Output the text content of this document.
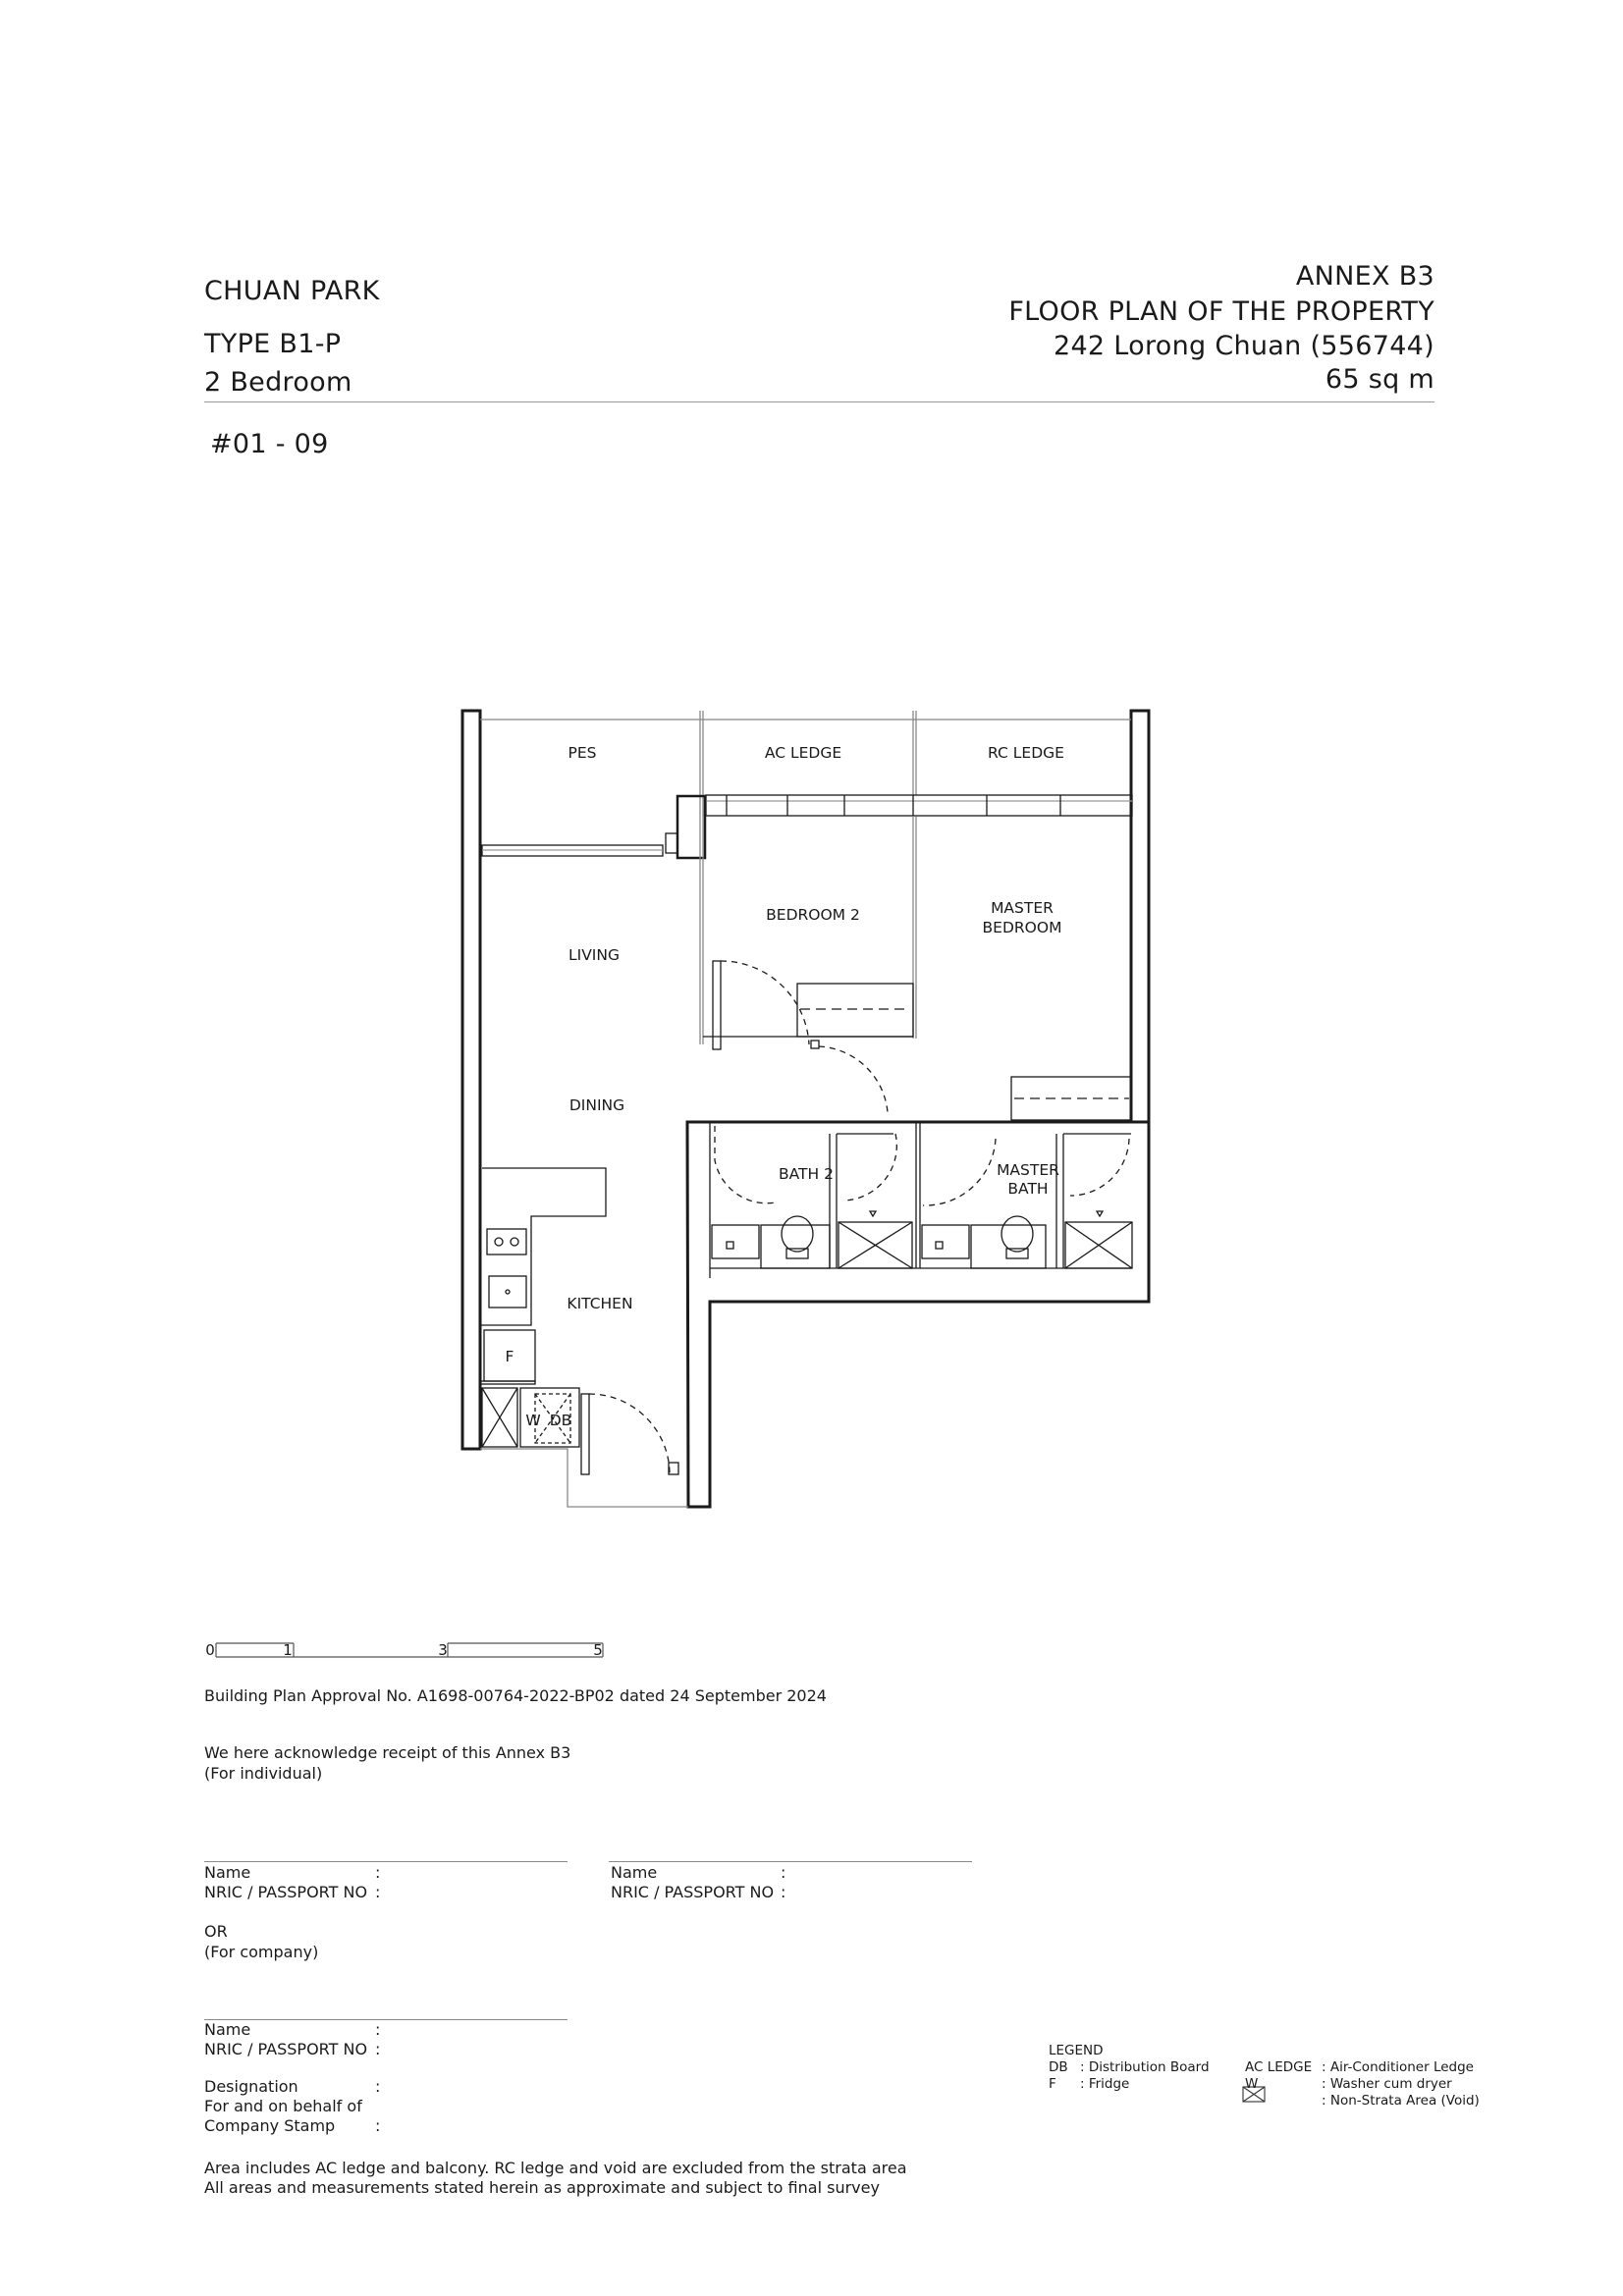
CHUAN PARK
TYPE B1-P
2 Bedroom
ANNEX B3
FLOOR PLAN OF THE PROPERTY
242 Lorong Chuan (556744)
65 sq m
#01 - 09
PES	AC LEDGE	RC LEDGE
BEDROOM 2	MASTER
BEDROOM
LIVING
DINING
BATH 2	MASTER
BATH
KITCHEN
F
W DB
0	1	3	5
Building Plan Approval No. A1698-00764-2022-BP02 dated 24 September 2024
We here acknowledge receipt of this Annex B3
(For individual)
Name	:
NRIC / PASSPORT NO :
Name	:
NRIC / PASSPORT NO :
OR
(For company)
Name	:
NRIC / PASSPORT NO :
Designation	:
For and on behalf of
Company Stamp	:
LEGEND
DB : Distribution Board
F : Fridge
AC LEDGE : Air-Conditioner Ledge
W	: Washer cum dryer
: Non-Strata Area (Void)
Area includes AC ledge and balcony. RC ledge and void are excluded from the strata area
All areas and measurements stated herein as approximate and subject to final survey
